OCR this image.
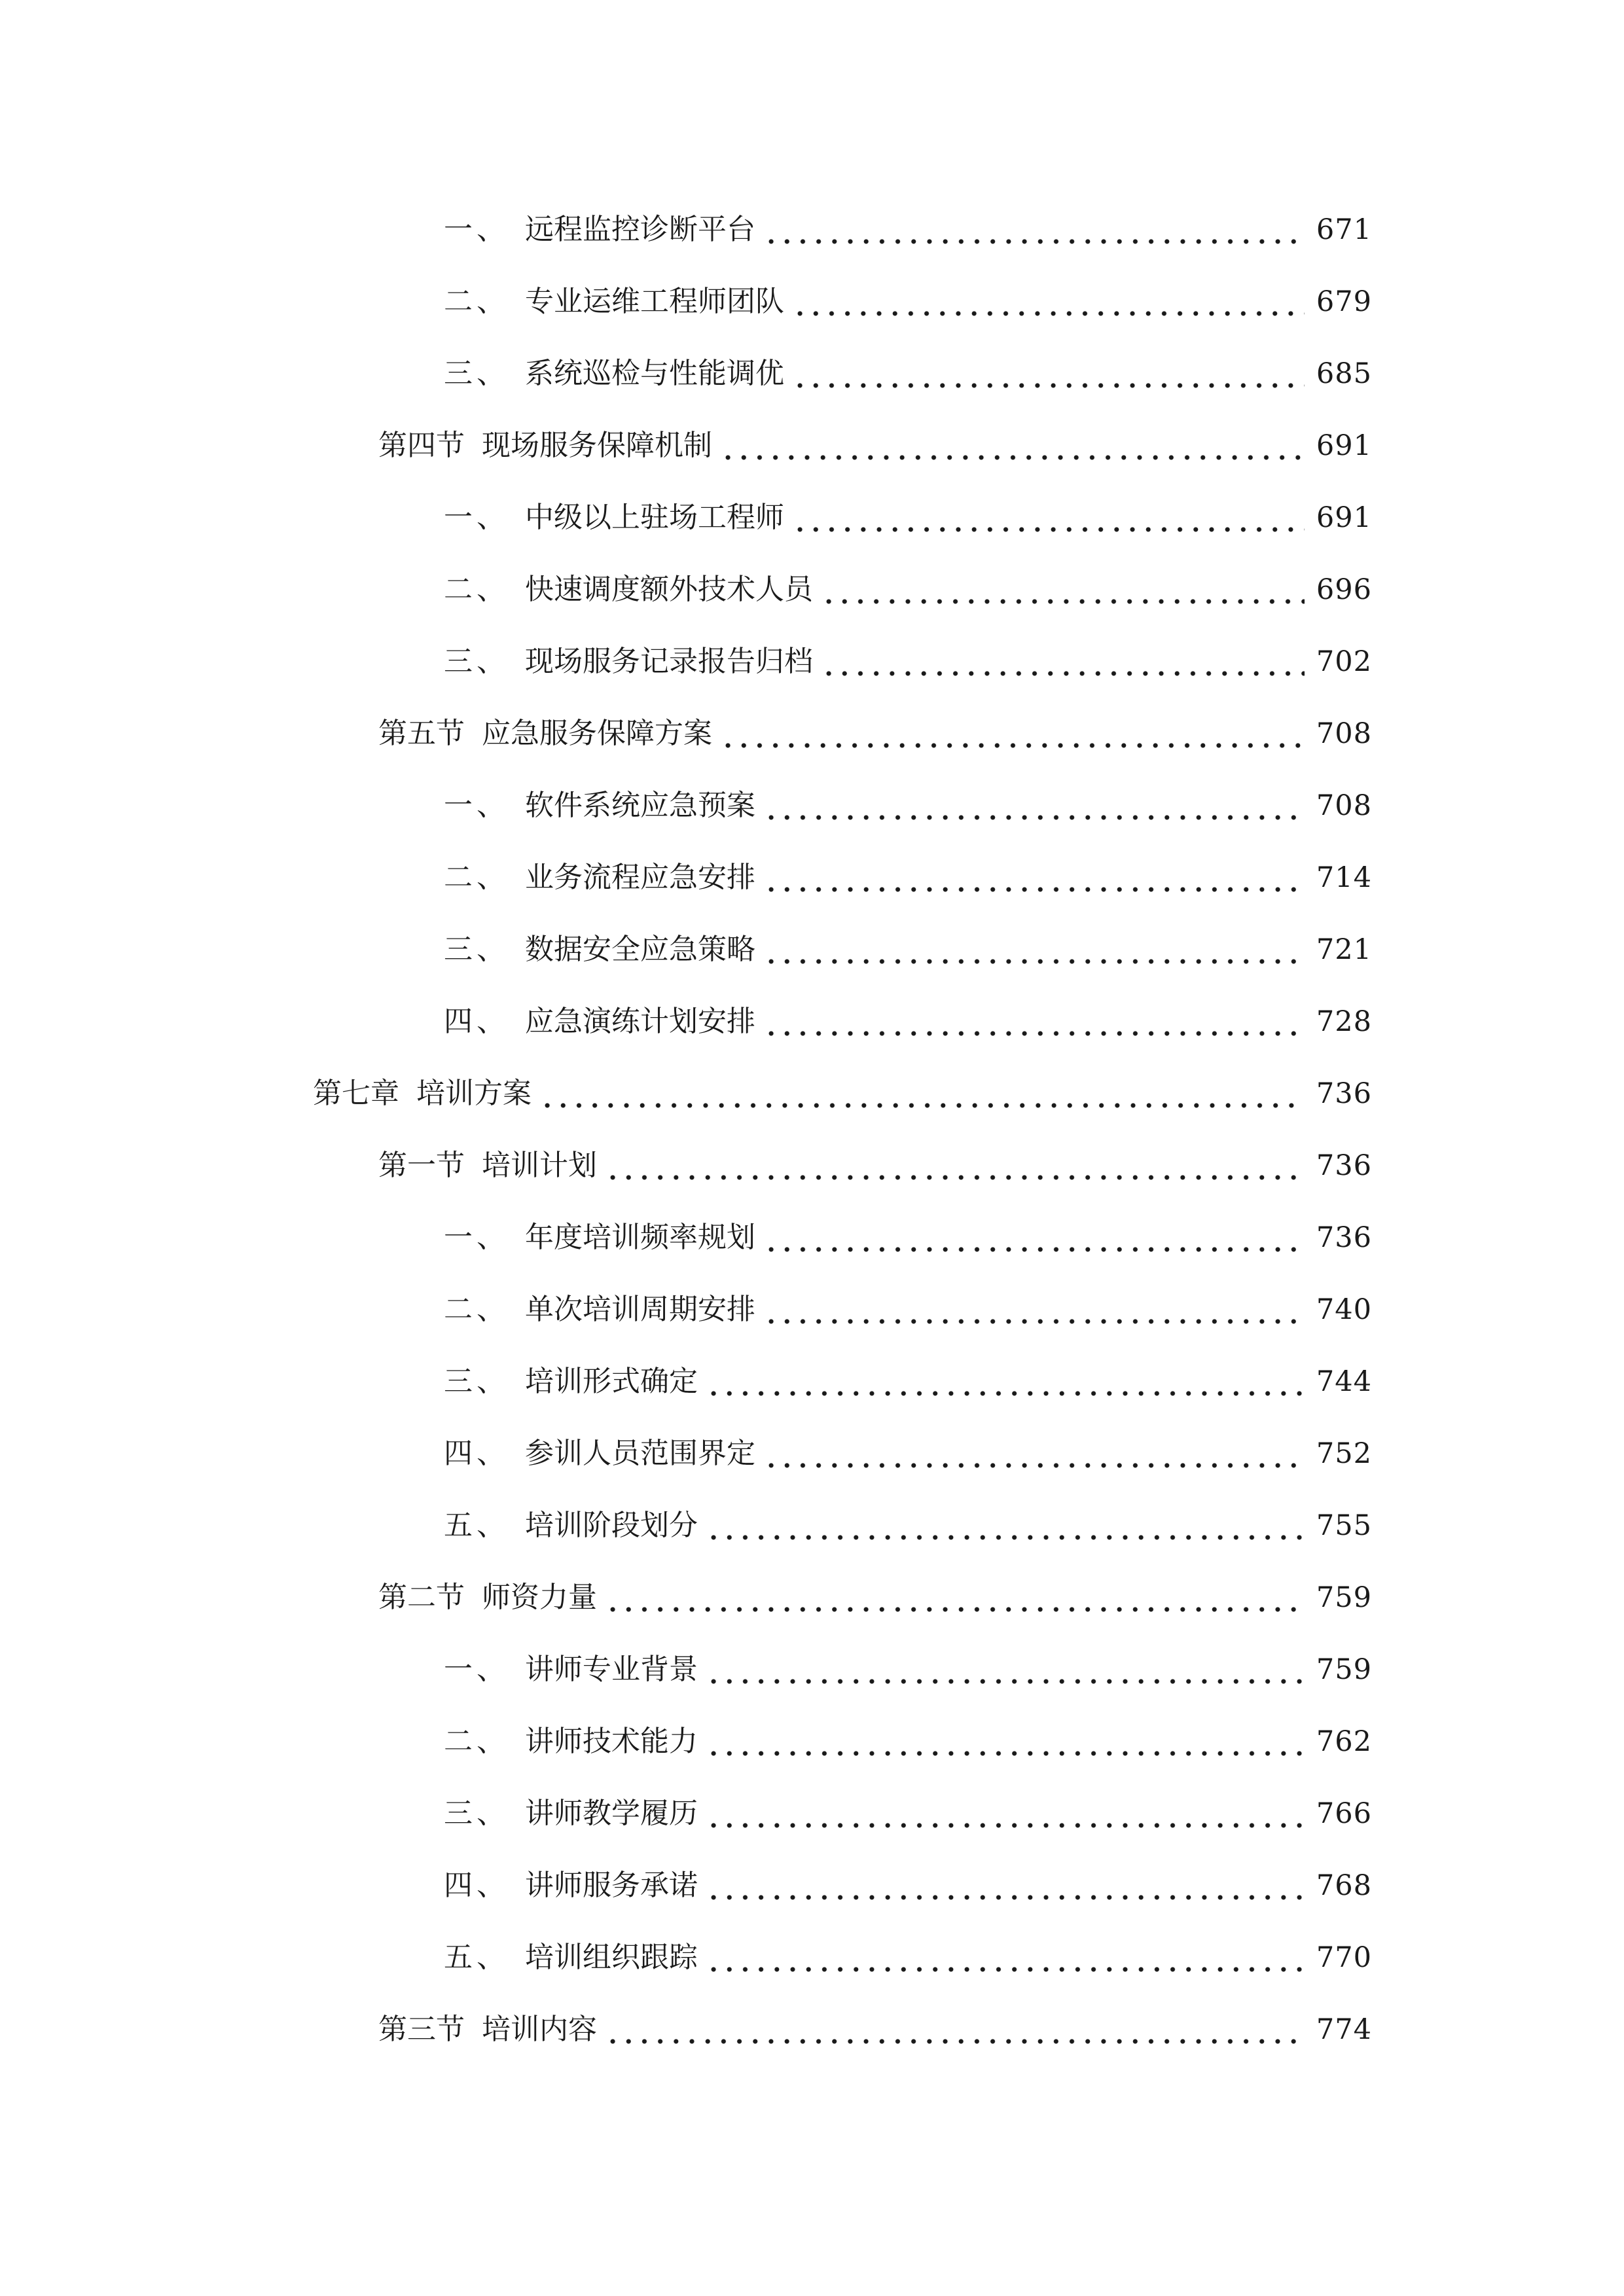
一、 远程监控诊断平台	671
二、 专业运维工程师团队	679
三、 系统巡检与性能调优	685
第四节 现场服务保障机制	691
一、 中级以上驻场工程师	691
二、 快速调度额外技术人员	696
三、 现场服务记录报告归档	702
第五节 应急服务保障方案	708
一、 软件系统应急预案	708
二、 业务流程应急安排	714
三、 数据安全应急策略	721
四、 应急演练计划安排	728
第七章 培训方案	736
第一节 培训计划	736
一、 年度培训频率规划	736
二、 单次培训周期安排	740
三、 培训形式确定	744
四、 参训人员范围界定	752
五、 培训阶段划分	755
第二节 师资力量	759
一、 讲师专业背景	759
二、 讲师技术能力	762
三、 讲师教学履历	766
四、 讲师服务承诺	768
五、 培训组织跟踪	770
第三节 培训内容	774
